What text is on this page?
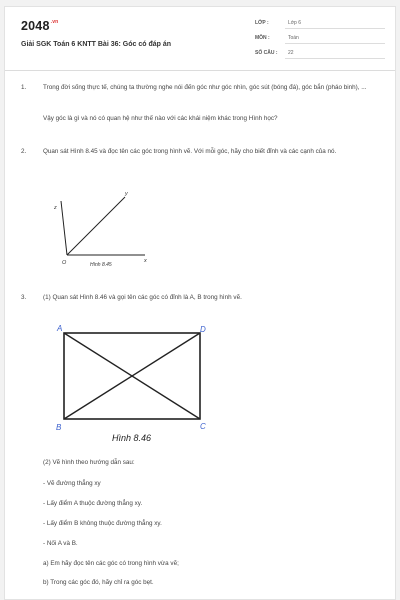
$2048^{.vn}$
Giải SGK Toán 6 KNTT Bài 36: Góc có đáp án
LỚP :	Lớp 6
MÔN :	Toán
SỐ CÂU : 22
1.	Trong đời sống thực tế, chúng ta thường nghe nói đến góc như góc nhìn, góc sút (bóng đá), góc bắn (pháo binh), ...
Vậy góc là gì và nó có quan hệ như thế nào với các khái niệm khác trong Hình học?
2.	Quan sát Hình 8.45 và đọc tên các góc trong hình vẽ. Với mỗi góc, hãy cho biết đỉnh và các cạnh của nó.
y
z
O	x
Hình 8.45
3.	(1) Quan sát Hình 8.46 và gọi tên các góc có đỉnh là A, B trong hình vẽ.
A	D
B	C
Hình 8.46
(2) Vẽ hình theo hướng dẫn sau:
- Vẽ đường thẳng xy
- Lấy điểm A thuộc đường thẳng xy.
- Lấy điểm B không thuộc đường thẳng xy.
- Nối A và B.
a) Em hãy đọc tên các góc có trong hình vừa vẽ;
b) Trong các góc đó, hãy chỉ ra góc bẹt.
